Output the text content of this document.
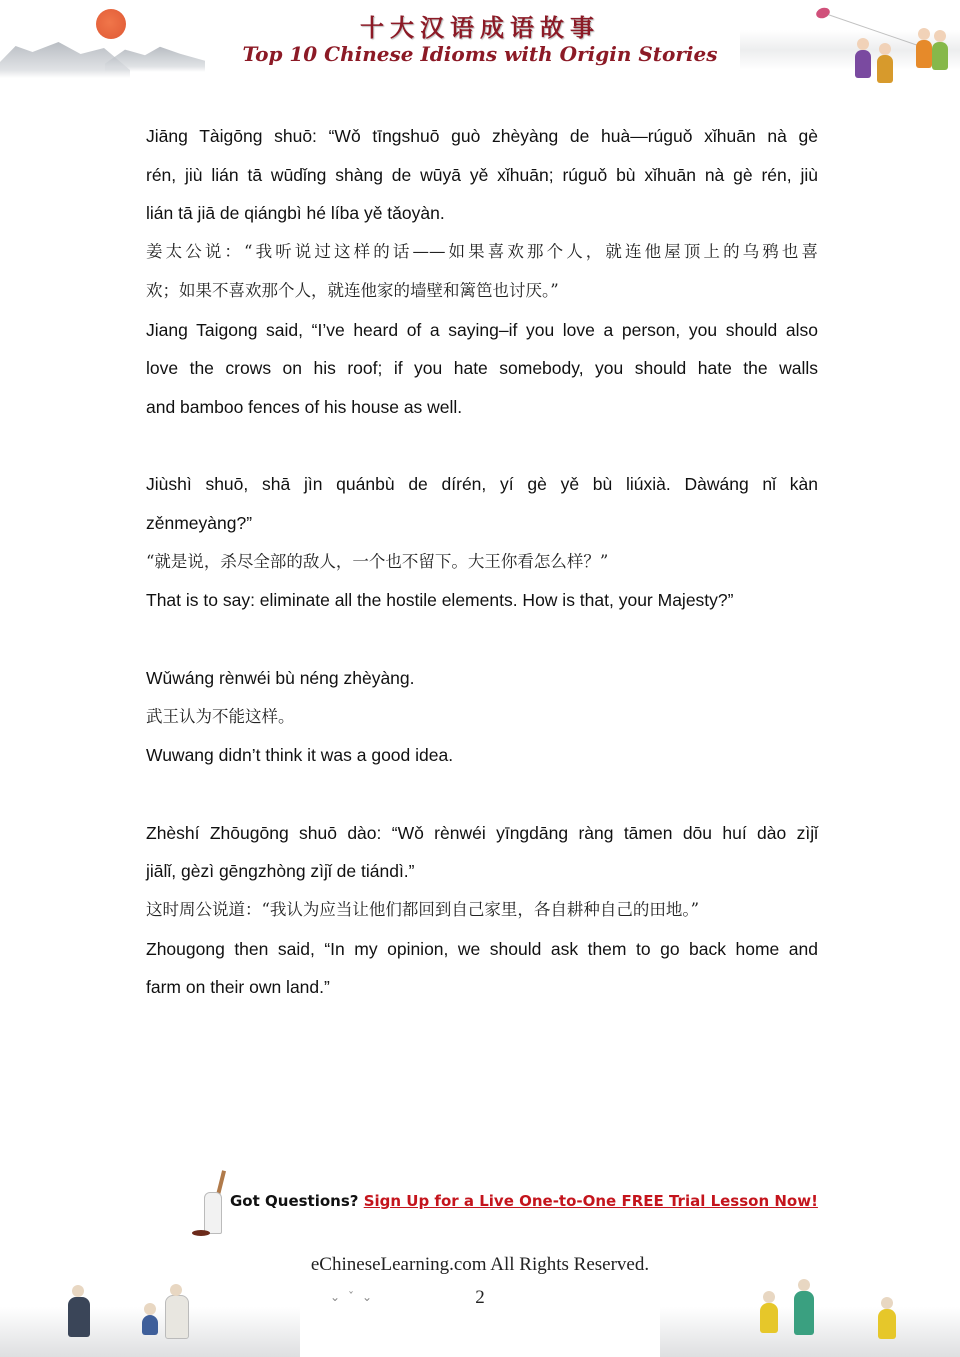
十大汉语成语故事
Top 10 Chinese Idioms with Origin Stories

Jiāng Tàigōng shuō: “Wǒ tīngshuō guò zhèyàng de huà—rúguǒ xǐhuān nà gè

rén, jiù lián tā wūdǐng shàng de wūyā yě xǐhuān; rúguǒ bù xǐhuān nà gè rén, jiù

lián tā jiā de qiángbì hé líba yě tǎoyàn.

姜太公说：“我听说过这样的话——如果喜欢那个人，就连他屋顶上的乌鸦也喜

欢；如果不喜欢那个人，就连他家的墙壁和篱笆也讨厌。”

Jiang Taigong said, “I’ve heard of a saying–if you love a person, you should also

love the crows on his roof; if you hate somebody, you should hate the walls

and bamboo fences of his house as well.

Jiùshì shuō, shā jìn quánbù de dírén, yí gè yě bù liúxià. Dàwáng nǐ kàn

zěnmeyàng?”

“就是说，杀尽全部的敌人，一个也不留下。大王你看怎么样？”

That is to say: eliminate all the hostile elements. How is that, your Majesty?”

Wǔwáng rènwéi bù néng zhèyàng.

武王认为不能这样。

Wuwang didn’t think it was a good idea.

Zhèshí Zhōugōng shuō dào: “Wǒ rènwéi yīngdāng ràng tāmen dōu huí dào zìjǐ

jiālǐ, gèzì gēngzhòng zìjǐ de tiándì.”

这时周公说道：“我认为应当让他们都回到自己家里，各自耕种自己的田地。”

Zhougong then said, “In my opinion, we should ask them to go back home and

farm on their own land.”

Got Questions? Sign Up for a Live One-to-One FREE Trial Lesson Now!
eChineseLearning.com All Rights Reserved.
⌄ˇ⌄	2
